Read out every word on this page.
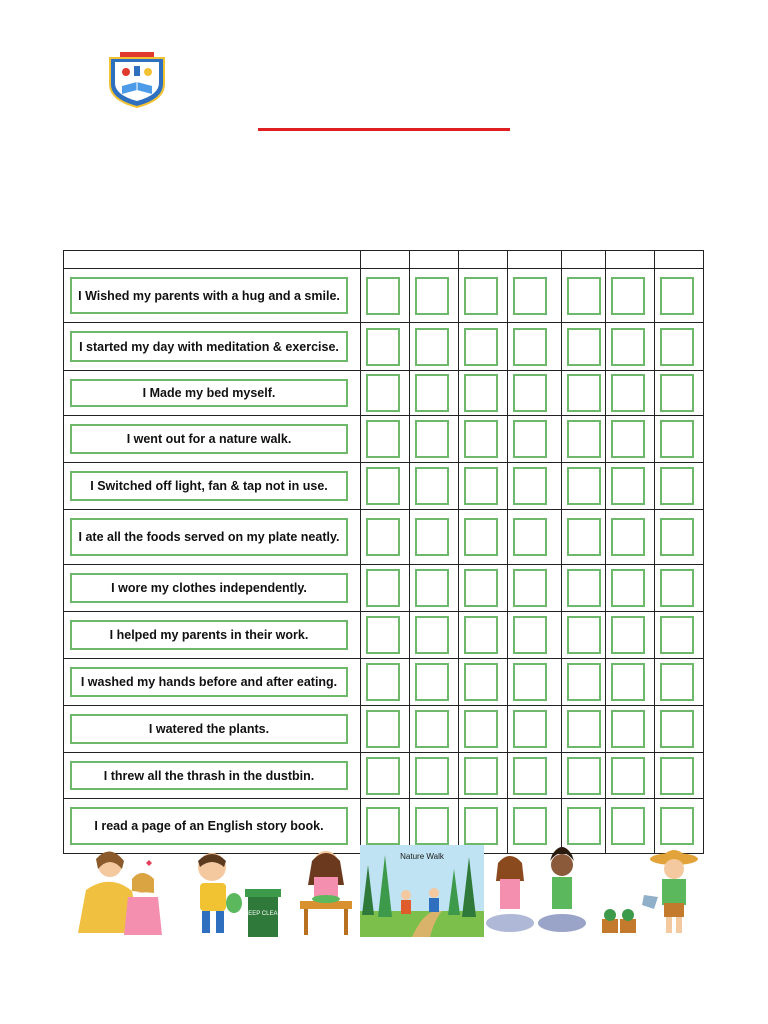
I Wished my parents with a hug and a smile.							

I started my day with meditation & exercise.							

I Made my bed myself.							

I went out for a nature walk.							

I Switched off light, fan & tap not in use.							

I ate all the foods served on my plate neatly.							

I wore my clothes independently.							

I helped my parents in their work.							

I washed my hands before and after eating.							

I watered the plants.							

I threw all the thrash in the dustbin.							

I read a page of an English story book.							

KEEP CLEAN
Nature Walk
